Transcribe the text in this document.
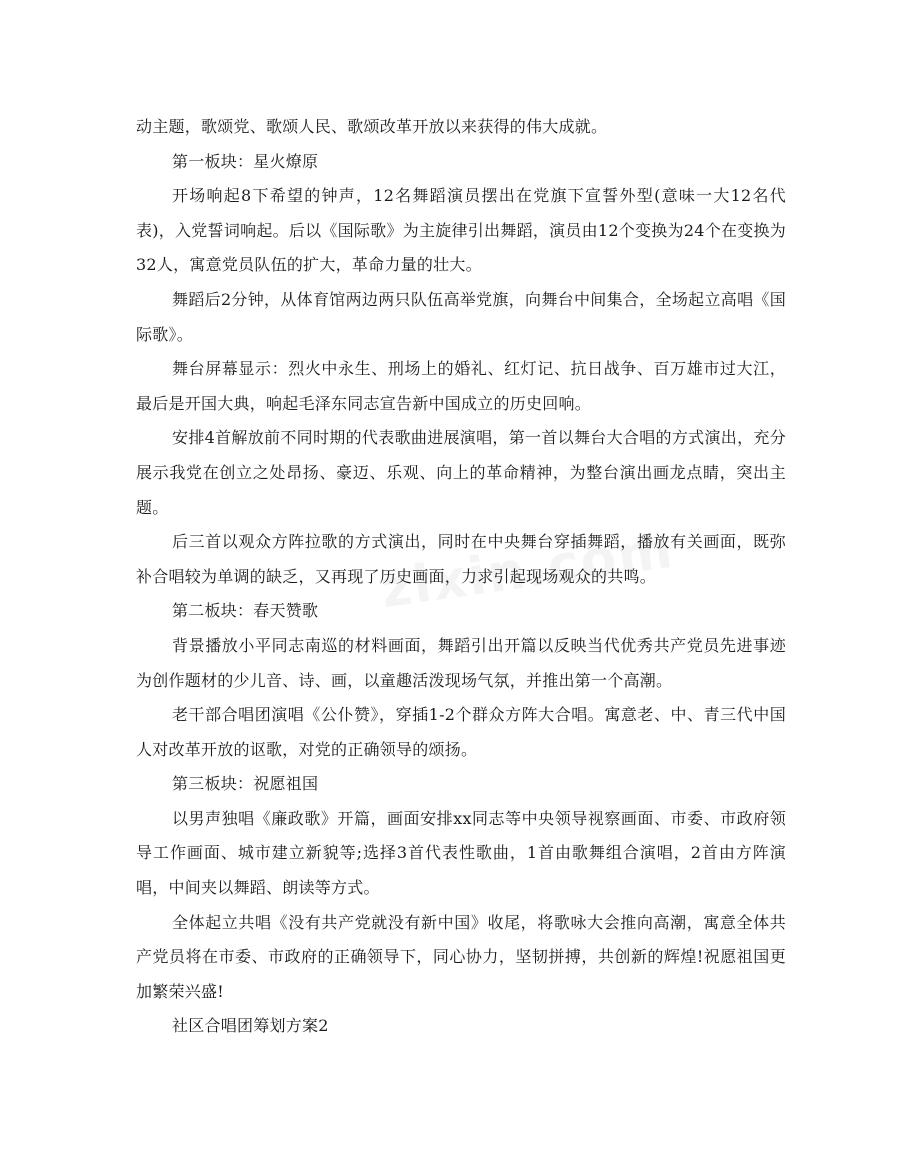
动主题，歌颂党、歌颂人民、歌颂改革开放以来获得的伟大成就。

第一板块：星火燎原

开场响起8下希望的钟声，12名舞蹈演员摆出在党旗下宣誓外型(意味一大12名代表)，入党誓词响起。后以《国际歌》为主旋律引出舞蹈，演员由12个变换为24个在变换为32人，寓意党员队伍的扩大，革命力量的壮大。

舞蹈后2分钟，从体育馆两边两只队伍高举党旗，向舞台中间集合，全场起立高唱《国际歌》。

舞台屏幕显示：烈火中永生、刑场上的婚礼、红灯记、抗日战争、百万雄市过大江，最后是开国大典，响起毛泽东同志宣告新中国成立的历史回响。

安排4首解放前不同时期的代表歌曲进展演唱，第一首以舞台大合唱的方式演出，充分展示我党在创立之处昂扬、豪迈、乐观、向上的革命精神，为整台演出画龙点睛，突出主题。

后三首以观众方阵拉歌的方式演出，同时在中央舞台穿插舞蹈，播放有关画面，既弥补合唱较为单调的缺乏，又再现了历史画面，力求引起现场观众的共鸣。

第二板块：春天赞歌

背景播放小平同志南巡的材料画面，舞蹈引出开篇以反映当代优秀共产党员先进事迹为创作题材的少儿音、诗、画，以童趣活泼现场气氛，并推出第一个高潮。

老干部合唱团演唱《公仆赞》，穿插1-2个群众方阵大合唱。寓意老、中、青三代中国人对改革开放的讴歌，对党的正确领导的颂扬。

第三板块：祝愿祖国

以男声独唱《廉政歌》开篇，画面安排xx同志等中央领导视察画面、市委、市政府领导工作画面、城市建立新貌等;选择3首代表性歌曲，1首由歌舞组合演唱，2首由方阵演唱，中间夹以舞蹈、朗读等方式。

全体起立共唱《没有共产党就没有新中国》收尾，将歌咏大会推向高潮，寓意全体共产党员将在市委、市政府的正确领导下，同心协力，坚韧拼搏，共创新的辉煌!祝愿祖国更加繁荣兴盛!

社区合唱团筹划方案2
